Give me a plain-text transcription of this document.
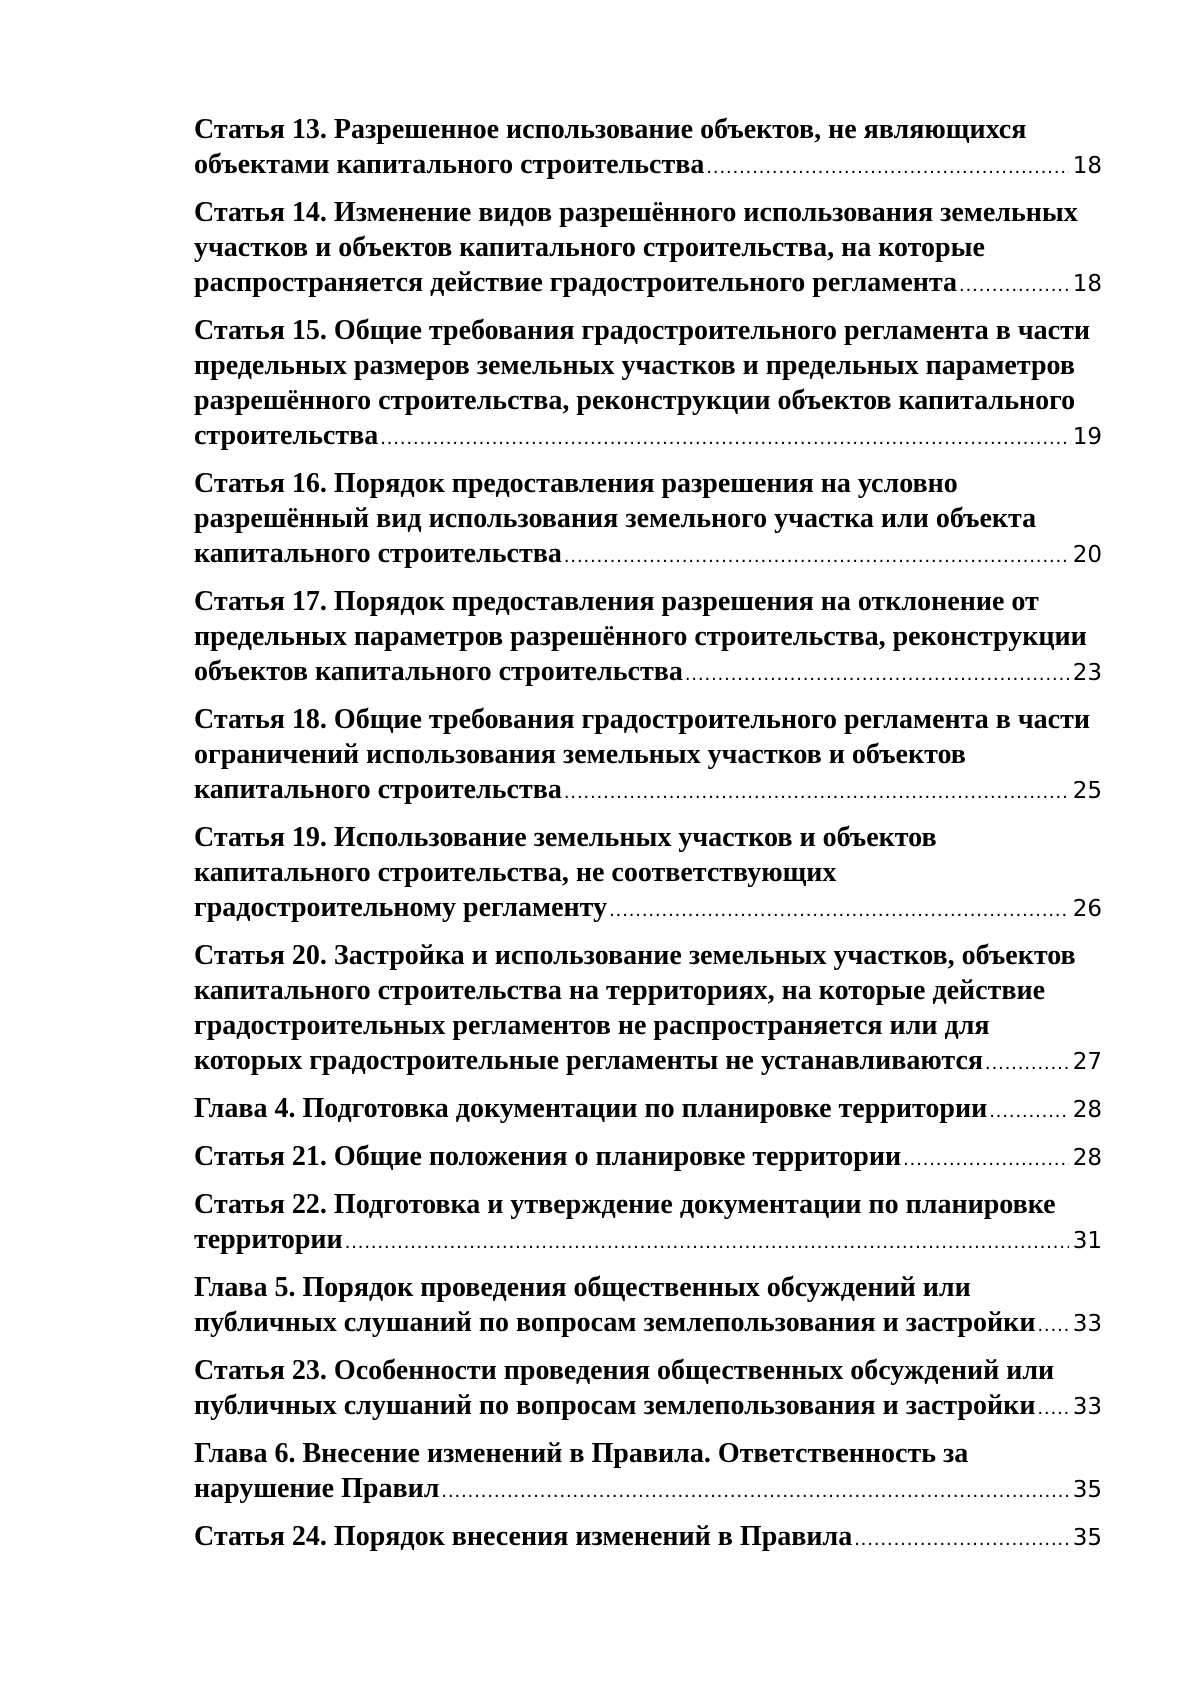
Статья 13. Разрешенное использование объектов, не являющихся
объектами капитального строительства .....	18
Статья 14. Изменение видов разрешённого использования земельных
участков и объектов капитального строительства, на которые
распространяется действие градостроительного регламента .....	18
Статья 15. Общие требования градостроительного регламента в части
предельных размеров земельных участков и предельных параметров
разрешённого строительства, реконструкции объектов капитального
строительства .....	19
Статья 16. Порядок предоставления разрешения на условно
разрешённый вид использования земельного участка или объекта
капитального строительства .....	20
Статья 17. Порядок предоставления разрешения на отклонение от
предельных параметров разрешённого строительства, реконструкции
объектов капитального строительства .....	23
Статья 18. Общие требования градостроительного регламента в части
ограничений использования земельных участков и объектов
капитального строительства .....	25
Статья 19. Использование земельных участков и объектов
капитального строительства, не соответствующих
градостроительному регламенту .....	26
Статья 20. Застройка и использование земельных участков, объектов
капитального строительства на территориях, на которые действие
градостроительных регламентов не распространяется или для
которых градостроительные регламенты не устанавливаются .....	27
Глава 4. Подготовка документации по планировке территории .....	28
Статья 21. Общие положения о планировке территории .....	28
Статья 22. Подготовка и утверждение документации по планировке
территории .....	31
Глава 5. Порядок проведения общественных обсуждений или
публичных слушаний по вопросам землепользования и застройки ..... 33
Статья 23. Особенности проведения общественных обсуждений или
публичных слушаний по вопросам землепользования и застройки ..... 33
Глава 6. Внесение изменений в Правила. Ответственность за
нарушение Правил .....	35
Статья 24. Порядок внесения изменений в Правила .....	35
